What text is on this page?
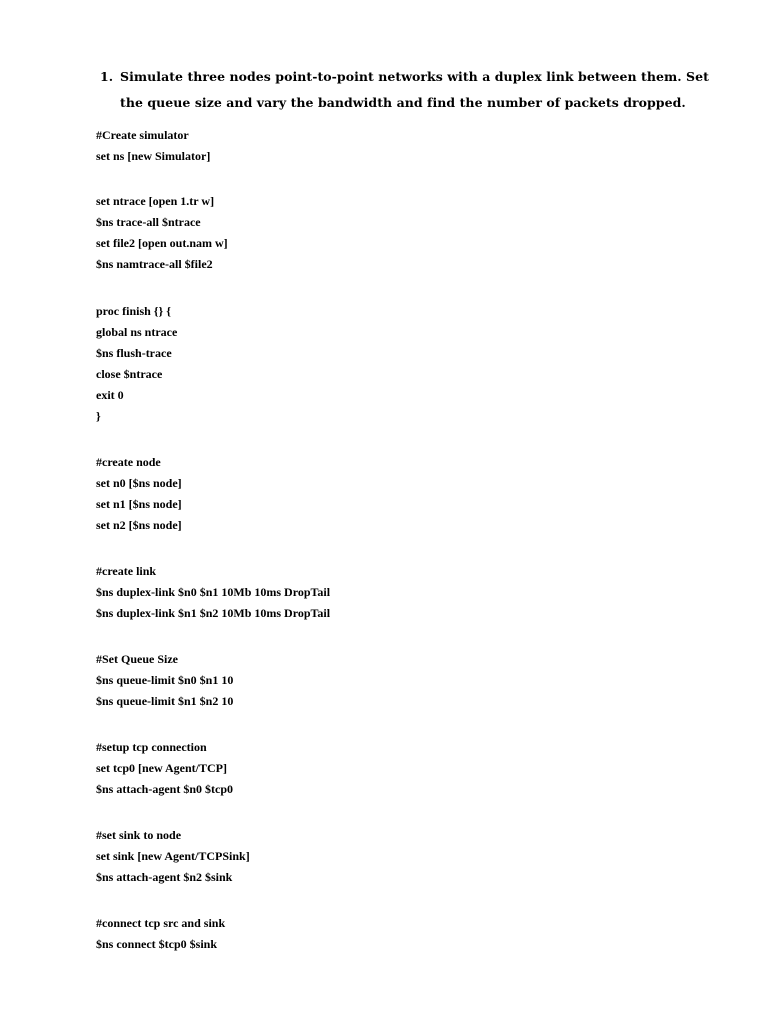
1. Simulate three nodes point-to-point networks with a duplex link between them. Set the queue size and vary the bandwidth and find the number of packets dropped.
#Create simulator
set ns [new Simulator]
set ntrace [open 1.tr w]
$ns trace-all $ntrace
set file2 [open out.nam w]
$ns namtrace-all $file2
proc finish {} {
global ns ntrace
$ns flush-trace
close $ntrace
exit 0
}
#create node
set n0 [$ns node]
set n1 [$ns node]
set n2 [$ns node]
#create link
$ns duplex-link $n0 $n1 10Mb 10ms DropTail
$ns duplex-link $n1 $n2 10Mb 10ms DropTail
#Set Queue Size
$ns queue-limit $n0 $n1 10
$ns queue-limit $n1 $n2 10
#setup tcp connection
set tcp0 [new Agent/TCP]
$ns attach-agent $n0 $tcp0
#set sink to node
set sink [new Agent/TCPSink]
$ns attach-agent $n2 $sink
#connect tcp src and sink
$ns connect $tcp0 $sink
